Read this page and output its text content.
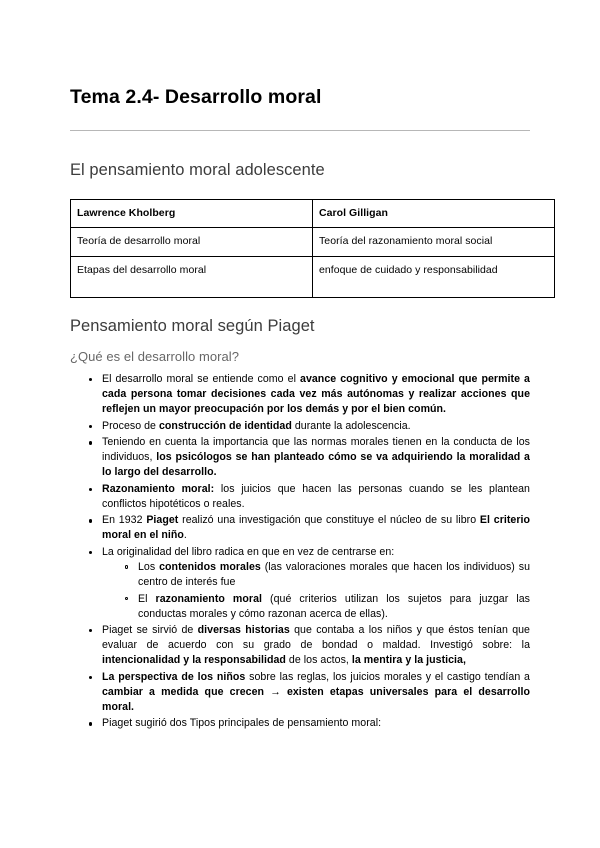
Tema 2.4- Desarrollo moral
El pensamiento moral adolescente
Lawrence Kholberg	Carol Gilligan
Teoría de desarrollo moral	Teoría del razonamiento moral social
Etapas del desarrollo moral	enfoque de cuidado y responsabilidad
Pensamiento moral según Piaget
¿Qué es el desarrollo moral?
El desarrollo moral se entiende como el avance cognitivo y emocional que permite a cada persona tomar decisiones cada vez más autónomas y realizar acciones que reflejen un mayor preocupación por los demás y por el bien común.
Proceso de construcción de identidad durante la adolescencia.
Teniendo en cuenta la importancia que las normas morales tienen en la conducta de los individuos, los psicólogos se han planteado cómo se va adquiriendo la moralidad a lo largo del desarrollo.
Razonamiento moral: los juicios que hacen las personas cuando se les plantean conflictos hipotéticos o reales.
En 1932 Piaget realizó una investigación que constituye el núcleo de su libro El criterio moral en el niño.
La originalidad del libro radica en que en vez de centrarse en:
Los contenidos morales (las valoraciones morales que hacen los individuos) su centro de interés fue
El razonamiento moral (qué criterios utilizan los sujetos para juzgar las conductas morales y cómo razonan acerca de ellas).
Piaget se sirvió de diversas historias que contaba a los niños y que éstos tenían que evaluar de acuerdo con su grado de bondad o maldad. Investigó sobre: la intencionalidad y la responsabilidad de los actos, la mentira y la justicia,
La perspectiva de los niños sobre las reglas, los juicios morales y el castigo tendían a cambiar a medida que crecen → existen etapas universales para el desarrollo moral.
Piaget sugirió dos Tipos principales de pensamiento moral:
